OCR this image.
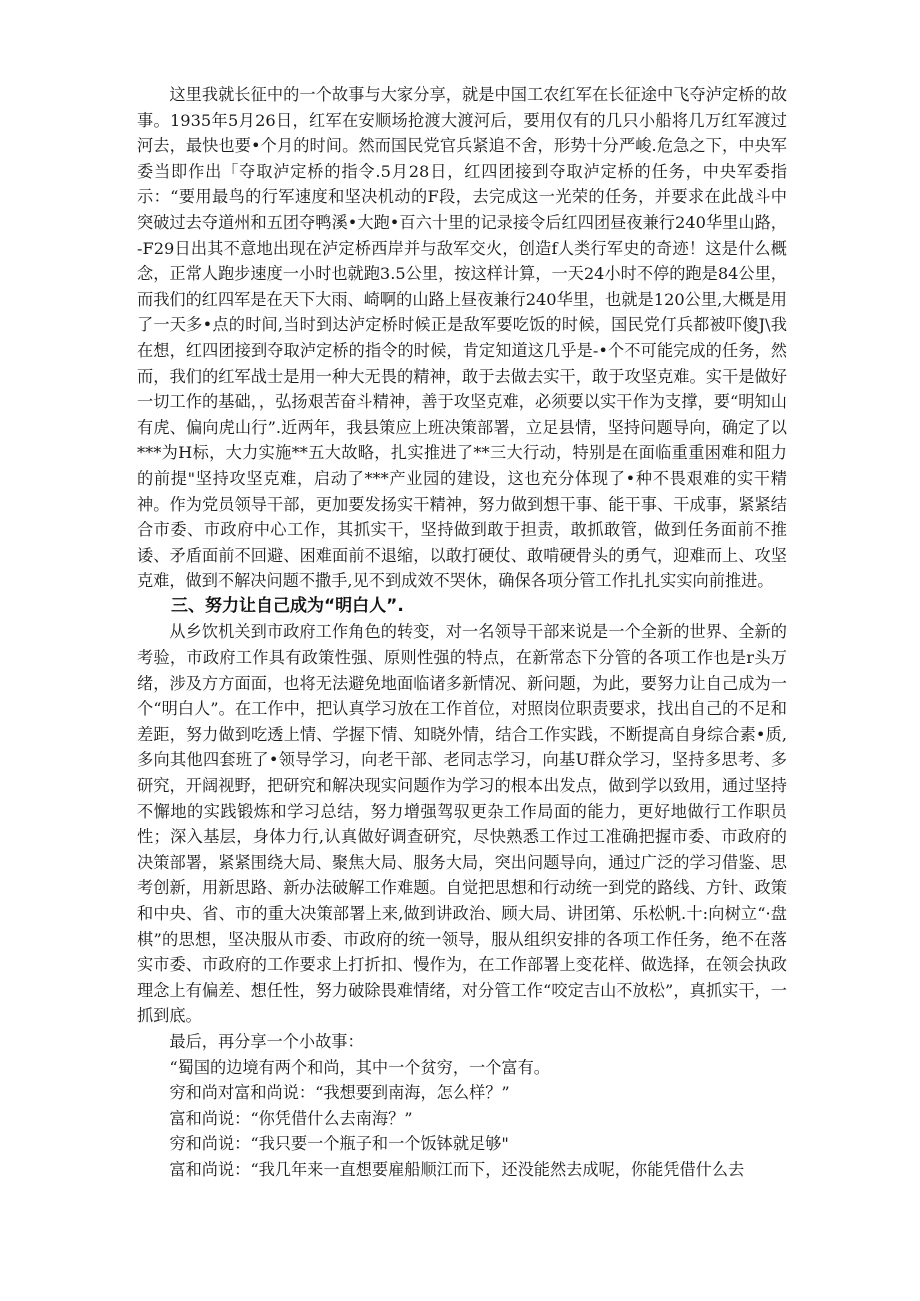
这里我就长征中的一个故事与大家分享，就是中国工农红军在长征途中飞夺泸定桥的故事。1935年5月26日，红军在安顺场抢渡大渡河后，要用仅有的几只小船将几万红军渡过河去，最快也要•个月的时间。然而国民党官兵紧追不舍，形势十分严峻.危急之下，中央军委当即作出「夺取泸定桥的指令.5月28日，红四团接到夺取泸定桥的任务，中央军委指示：“要用最鸟的行军速度和坚决机动的F段，去完成这一光荣的任务，并要求在此战斗中突破过去夺道州和五团夺鸭溪•大跑•百六十里的记录接令后红四团昼夜兼行240华里山路，-F29日出其不意地出现在泸定桥西岸并与敌军交火，创造f人类行军史的奇迹！这是什么概念，正常人跑步速度一小时也就跑3.5公里，按这样计算，一天24小时不停的跑是84公里，而我们的红四军是在天下大雨、崎啊的山路上昼夜兼行240华里，也就是120公里,大概是用了一天多•点的时间,当时到达泸定桥时候正是敌军要吃饭的时候，国民党仃兵都被吓傻J\我在想，红四团接到夺取泸定桥的指令的时候，肯定知道这几乎是-•个不可能完成的任务，然而，我们的红军战士是用一种大无畏的精神，敢于去做去实干，敢于攻坚克难。实干是做好一切工作的基础，，弘扬艰苦奋斗精神，善于攻坚克难，必须要以实干作为支撑，要“明知山有虎、偏向虎山行”.近两年，我县策应上班决策部署，立足县情，坚持问题导向，确定了以***为H标，大力实施**五大故略，扎实推进了**三大行动，特别是在面临重重困难和阻力的前提"坚持攻坚克难，启动了***产业园的建设，这也充分体现了•种不畏艰难的实干精神。作为党员领导干部，更加要发扬实干精神，努力做到想干事、能干事、干成事，紧紧结合市委、市政府中心工作，其抓实干，坚持做到敢于担责，敢抓敢管，做到任务面前不推诿、矛盾面前不回避、困难面前不退缩，以敢打硬仗、敢啃硬骨头的勇气，迎难而上、攻坚克难，做到不解决问题不撒手,见不到成效不哭休，确保各项分管工作扎扎实实向前推进。

三、努力让自己成为“明白人”.

从乡饮机关到市政府工作角色的转变，对一名领导干部来说是一个全新的世界、全新的考验，市政府工作具有政策性强、原则性强的特点，在新常态下分管的各项工作也是r头万绪，涉及方方面面，也将无法避免地面临诸多新情况、新问题，为此，要努力让自己成为一个“明白人”。在工作中，把认真学习放在工作首位，对照岗位职责要求，找出自己的不足和差距，努力做到吃透上情、学握下情、知晓外情，结合工作实践，不断提高自身综合素•质,多向其他四套班了•领导学习，向老干部、老同志学习，向基U群众学习，坚持多思考、多研究，开阔视野，把研究和解决现实问题作为学习的根本出发点，做到学以致用，通过坚持不懈地的实践锻炼和学习总结，努力增强驾驭更杂工作局面的能力，更好地做行工作职员性；深入基层，身体力行,认真做好调查研究，尽快熟悉工作过工准确把握市委、市政府的决策部署，紧紧围绕大局、聚焦大局、服务大局，突出问题导向，通过广泛的学习借鉴、思考创新，用新思路、新办法破解工作难题。自觉把思想和行动统一到党的路线、方针、政策和中央、省、市的重大决策部署上来,做到讲政治、顾大局、讲团第、乐松帆.十:向树立“·盘棋”的思想，坚决服从市委、市政府的统一领导，服从组织安排的各项工作任务，绝不在落实市委、市政府的工作要求上打折扣、慢作为，在工作部署上变花样、做选择，在领会执政理念上有偏差、想任性，努力破除畏难情绪，对分管工作“咬定吉山不放松”，真抓实干，一抓到底。

最后，再分享一个小故事：

“蜀国的边境有两个和尚，其中一个贫穷，一个富有。

穷和尚对富和尚说：“我想要到南海，怎么样？”

富和尚说：“你凭借什么去南海？”

穷和尚说：“我只要一个瓶子和一个饭钵就足够"

富和尚说：“我几年来一直想要雇船顺江而下，还没能然去成呢，你能凭借什么去
